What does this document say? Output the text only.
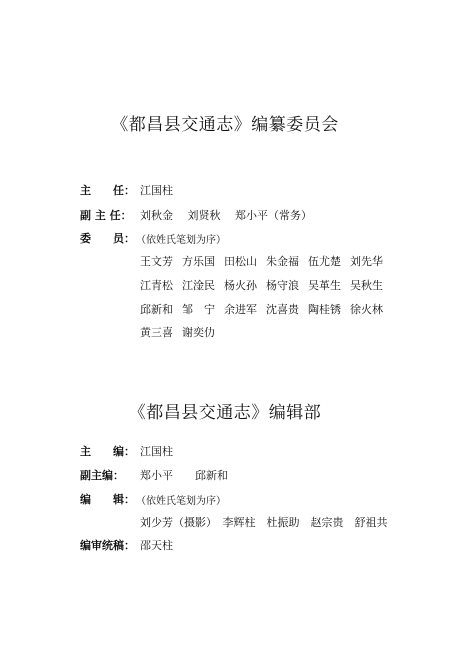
《都昌县交通志》编纂委员会
主　　任： 江国柱
副 主 任： 刘秋金　 刘贤秋　 郑小平（常务）
委　　员： （依姓氏笔划为序）
王文芳 方乐国 田松山 朱金福 伍尤楚 刘先华
江青松 江淦民 杨火孙 杨守浪 吴革生 吴秋生
邱新和 邹　宁 余进军 沈喜贵 陶桂锈 徐火林
黄三喜 谢奕仂
《都昌县交通志》编辑部
主　　编： 江国柱
副主编： 郑小平　　邱新和
编　　辑： （依姓氏笔划为序）
刘少芳（摄影）　李辉柱　杜振助　赵宗贵　舒祖共
编审统稿： 邵天柱
